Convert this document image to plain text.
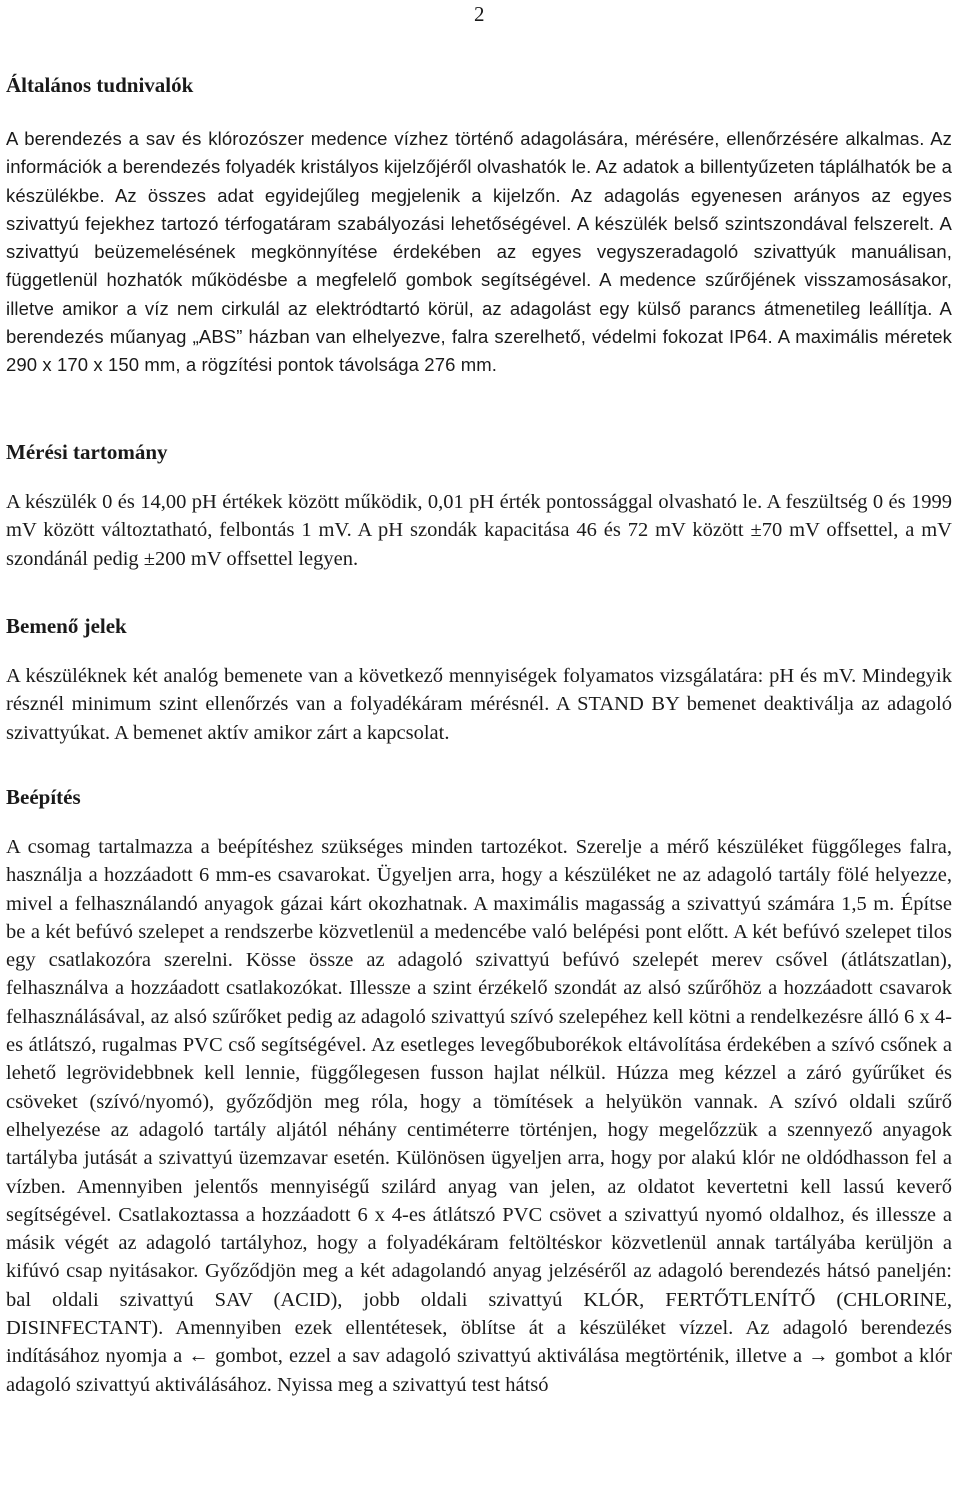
2
Általános tudnivalók

A berendezés a sav és klórozószer medence vízhez történő adagolására, mérésére, ellenőrzésére alkalmas. Az információk a berendezés folyadék kristályos kijelzőjéről olvashatók le. Az adatok a billentyűzeten táplálhatók be a készülékbe. Az összes adat egyidejűleg megjelenik a kijelzőn. Az adagolás egyenesen arányos az egyes szivattyú fejekhez tartozó térfogatáram szabályozási lehetőségével. A készülék belső szintszondával felszerelt. A szivattyú beüzemelésének megkönnyítése érdekében az egyes vegyszeradagoló szivattyúk manuálisan, függetlenül hozhatók működésbe a megfelelő gombok segítségével. A medence szűrőjének visszamosásakor, illetve amikor a víz nem cirkulál az elektródtartó körül, az adagolást egy külső parancs átmenetileg leállítja. A berendezés műanyag „ABS” házban van elhelyezve, falra szerelhető, védelmi fokozat IP64. A maximális méretek 290 x 170 x 150 mm, a rögzítési pontok távolsága 276 mm.

Mérési tartomány

A készülék 0 és 14,00 pH értékek között működik, 0,01 pH érték pontossággal olvasható le. A feszültség 0 és 1999 mV között változtatható, felbontás 1 mV. A pH szondák kapacitása 46 és 72 mV között ±70 mV offsettel, a mV szondánál pedig ±200 mV offsettel legyen.

Bemenő jelek

A készüléknek két analóg bemenete van a következő mennyiségek folyamatos vizsgálatára: pH és mV. Mindegyik résznél minimum szint ellenőrzés van a folyadékáram mérésnél. A STAND BY bemenet deaktiválja az adagoló szivattyúkat. A bemenet aktív amikor zárt a kapcsolat.

Beépítés

A csomag tartalmazza a beépítéshez szükséges minden tartozékot. Szerelje a mérő készüléket függőleges falra, használja a hozzáadott 6 mm-es csavarokat. Ügyeljen arra, hogy a készüléket ne az adagoló tartály fölé helyezze, mivel a felhasználandó anyagok gázai kárt okozhatnak. A maximális magasság a szivattyú számára 1,5 m. Építse be a két befúvó szelepet a rendszerbe közvetlenül a medencébe való belépési pont előtt. A két befúvó szelepet tilos egy csatlakozóra szerelni. Kösse össze az adagoló szivattyú befúvó szelepét merev csővel (átlátszatlan), felhasználva a hozzáadott csatlakozókat. Illessze a szint érzékelő szondát az alsó szűrőhöz a hozzáadott csavarok felhasználásával, az alsó szűrőket pedig az adagoló szivattyú szívó szelepéhez kell kötni a rendelkezésre álló 6 x 4-es átlátszó, rugalmas PVC cső segítségével. Az esetleges levegőbuborékok eltávolítása érdekében a szívó csőnek a lehető legrövidebbnek kell lennie, függőlegesen fusson hajlat nélkül. Húzza meg kézzel a záró gyűrűket és csöveket (szívó/nyomó), győződjön meg róla, hogy a tömítések a helyükön vannak. A szívó oldali szűrő elhelyezése az adagoló tartály aljától néhány centiméterre történjen, hogy megelőzzük a szennyező anyagok tartályba jutását a szivattyú üzemzavar esetén. Különösen ügyeljen arra, hogy por alakú klór ne oldódhasson fel a vízben. Amennyiben jelentős mennyiségű szilárd anyag van jelen, az oldatot kevertetni kell lassú keverő segítségével. Csatlakoztassa a hozzáadott 6 x 4-es átlátszó PVC csövet a szivattyú nyomó oldalhoz, és illessze a másik végét az adagoló tartályhoz, hogy a folyadékáram feltöltéskor közvetlenül annak tartályába kerüljön a kifúvó csap nyitásakor. Győződjön meg a két adagolandó anyag jelzéséről az adagoló berendezés hátsó paneljén: bal oldali szivattyú SAV (ACID), jobb oldali szivattyú KLÓR, FERTŐTLENÍTŐ (CHLORINE, DISINFECTANT). Amennyiben ezek ellentétesek, öblítse át a készüléket vízzel. Az adagoló berendezés indításához nyomja a ← gombot, ezzel a sav adagoló szivattyú aktiválása megtörténik, illetve a → gombot a klór adagoló szivattyú aktiválásához. Nyissa meg a szivattyú test hátsó
